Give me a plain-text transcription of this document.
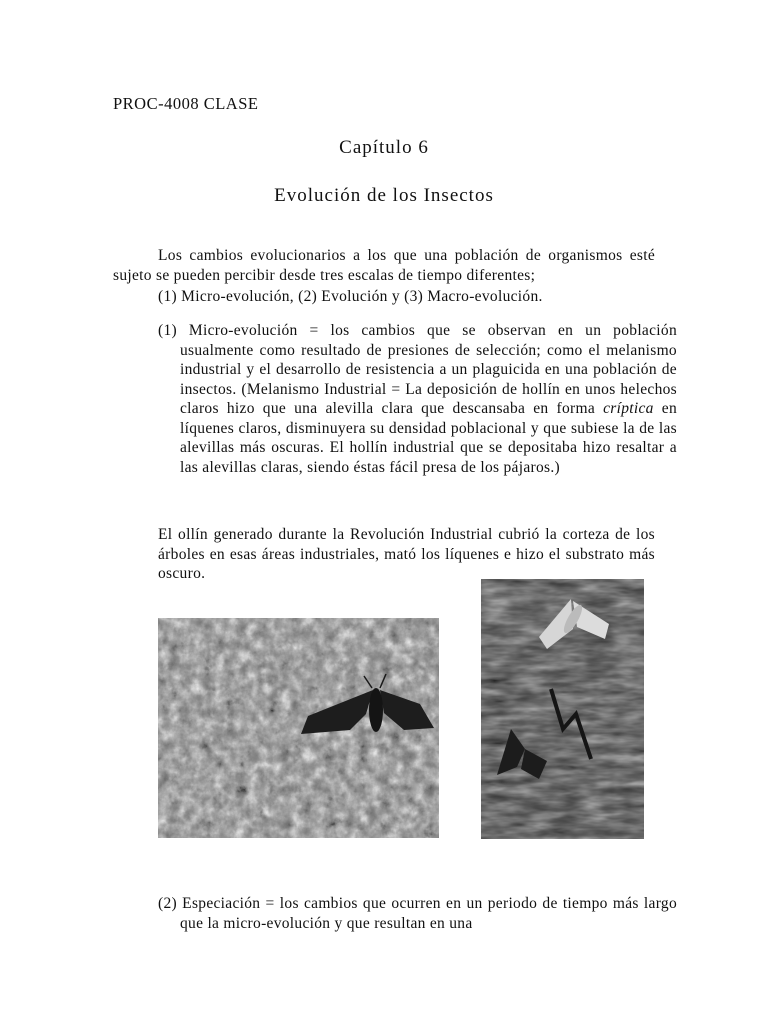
PROC-4008 CLASE
Capítulo 6
Evolución de los Insectos
Los cambios evolucionarios a los que una población de organismos esté sujeto se pueden percibir desde tres escalas de tiempo diferentes;
(1) Micro-evolución, (2) Evolución y (3) Macro-evolución.
(1) Micro-evolución = los cambios que se observan en un población usualmente como resultado de presiones de selección; como el melanismo industrial y el desarrollo de resistencia a un plaguicida en una población de insectos. (Melanismo Industrial = La deposición de hollín en unos helechos claros hizo que una alevilla clara que descansaba en forma críptica en líquenes claros, disminuyera su densidad poblacional y que subiese la de las alevillas más oscuras. El hollín industrial que se depositaba hizo resaltar a las alevillas claras, siendo éstas fácil presa de los pájaros.)
El ollín generado durante la Revolución Industrial cubrió la corteza de los árboles en esas áreas industriales, mató los líquenes e hizo el substrato más oscuro.
(2) Especiación = los cambios que ocurren en un periodo de tiempo más largo que la micro-evolución y que resultan en una
